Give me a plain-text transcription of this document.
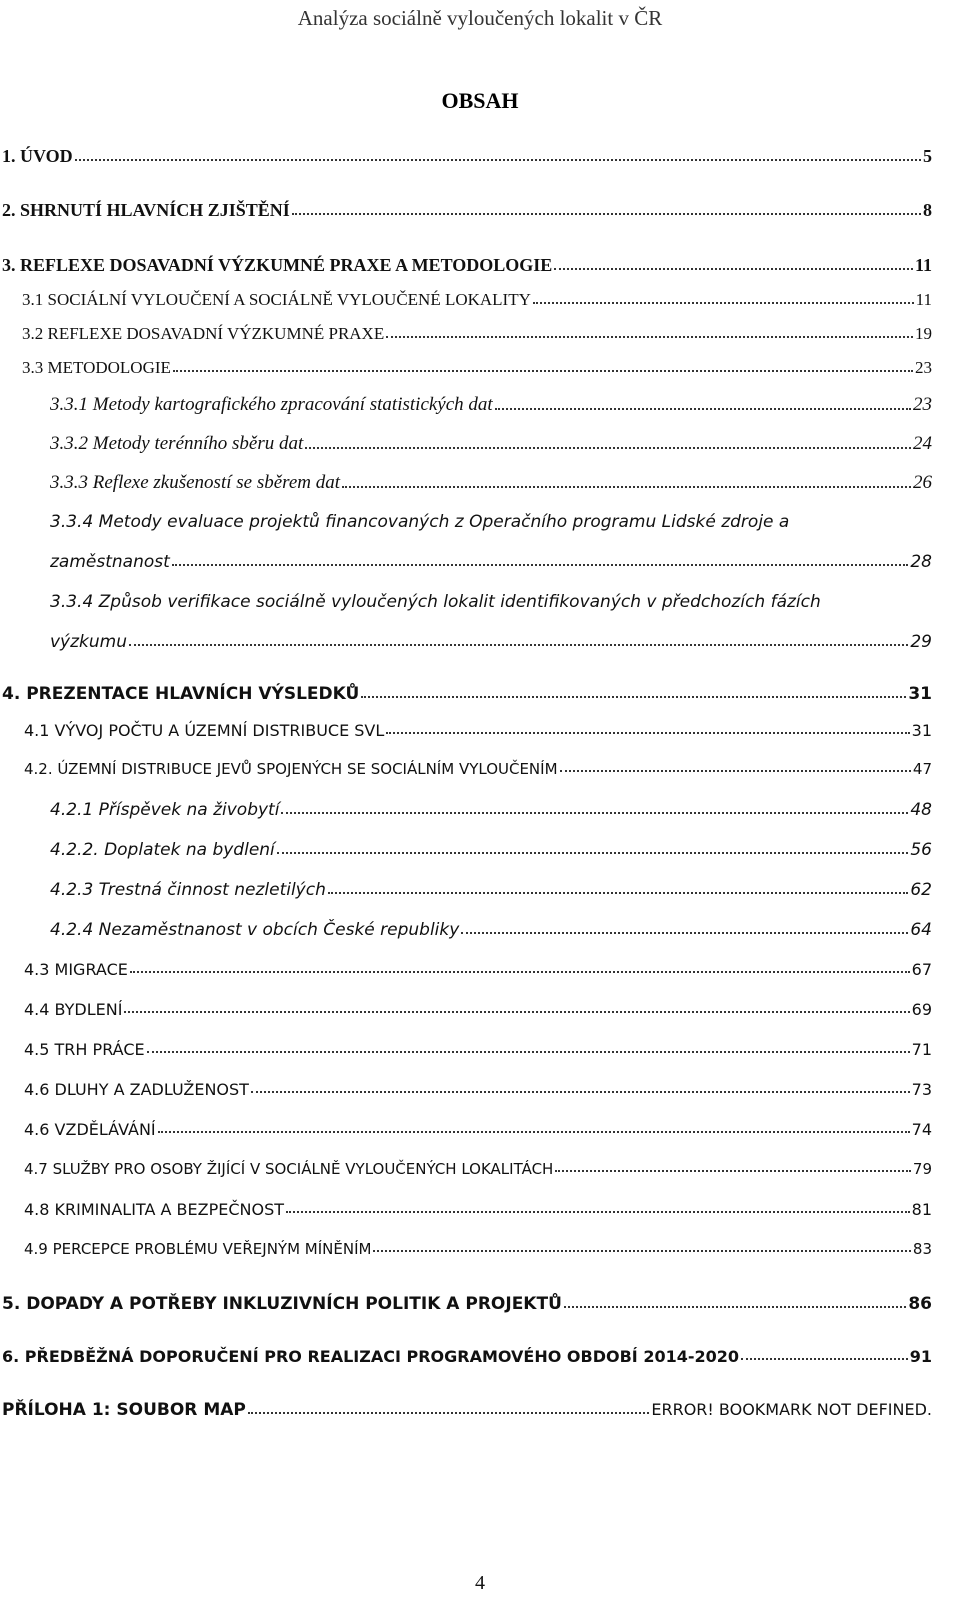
Analýza sociálně vyloučených lokalit v ČR
OBSAH
1. ÚVOD	5
2. SHRNUTÍ HLAVNÍCH ZJIŠTĚNÍ	8
3. REFLEXE DOSAVADNÍ VÝZKUMNÉ PRAXE A METODOLOGIE	11
3.1 SOCIÁLNÍ VYLOUČENÍ A SOCIÁLNĚ VYLOUČENÉ LOKALITY	11
3.2 REFLEXE DOSAVADNÍ VÝZKUMNÉ PRAXE	19
3.3 METODOLOGIE	23
3.3.1 Metody kartografického zpracování statistických dat	23
3.3.2 Metody terénního sběru dat	24
3.3.3 Reflexe zkušeností se sběrem dat	26
3.3.4 Metody evaluace projektů financovaných z Operačního programu Lidské zdroje a
zaměstnanost	28
3.3.4 Způsob verifikace sociálně vyloučených lokalit identifikovaných v předchozích fázích
výzkumu	29
4. PREZENTACE HLAVNÍCH VÝSLEDKŮ	31
4.1 VÝVOJ POČTU A ÚZEMNÍ DISTRIBUCE SVL	31
4.2. ÚZEMNÍ DISTRIBUCE JEVŮ SPOJENÝCH SE SOCIÁLNÍM VYLOUČENÍM	47
4.2.1 Příspěvek na živobytí	48
4.2.2. Doplatek na bydlení	56
4.2.3 Trestná činnost nezletilých	62
4.2.4 Nezaměstnanost v obcích České republiky	64
4.3 MIGRACE	67
4.4 BYDLENÍ	69
4.5 TRH PRÁCE	71
4.6 DLUHY A ZADLUŽENOST	73
4.6 VZDĚLÁVÁNÍ	74
4.7 SLUŽBY PRO OSOBY ŽIJÍCÍ V SOCIÁLNĚ VYLOUČENÝCH LOKALITÁCH	79
4.8 KRIMINALITA A BEZPEČNOST	81
4.9 PERCEPCE PROBLÉMU VEŘEJNÝM MÍNĚNÍM	83
5. DOPADY A POTŘEBY INKLUZIVNÍCH POLITIK A PROJEKTŮ	86
6. PŘEDBĚŽNÁ DOPORUČENÍ PRO REALIZACI PROGRAMOVÉHO OBDOBÍ 2014-2020	91
PŘÍLOHA 1: SOUBOR MAP	ERROR! BOOKMARK NOT DEFINED.
4
